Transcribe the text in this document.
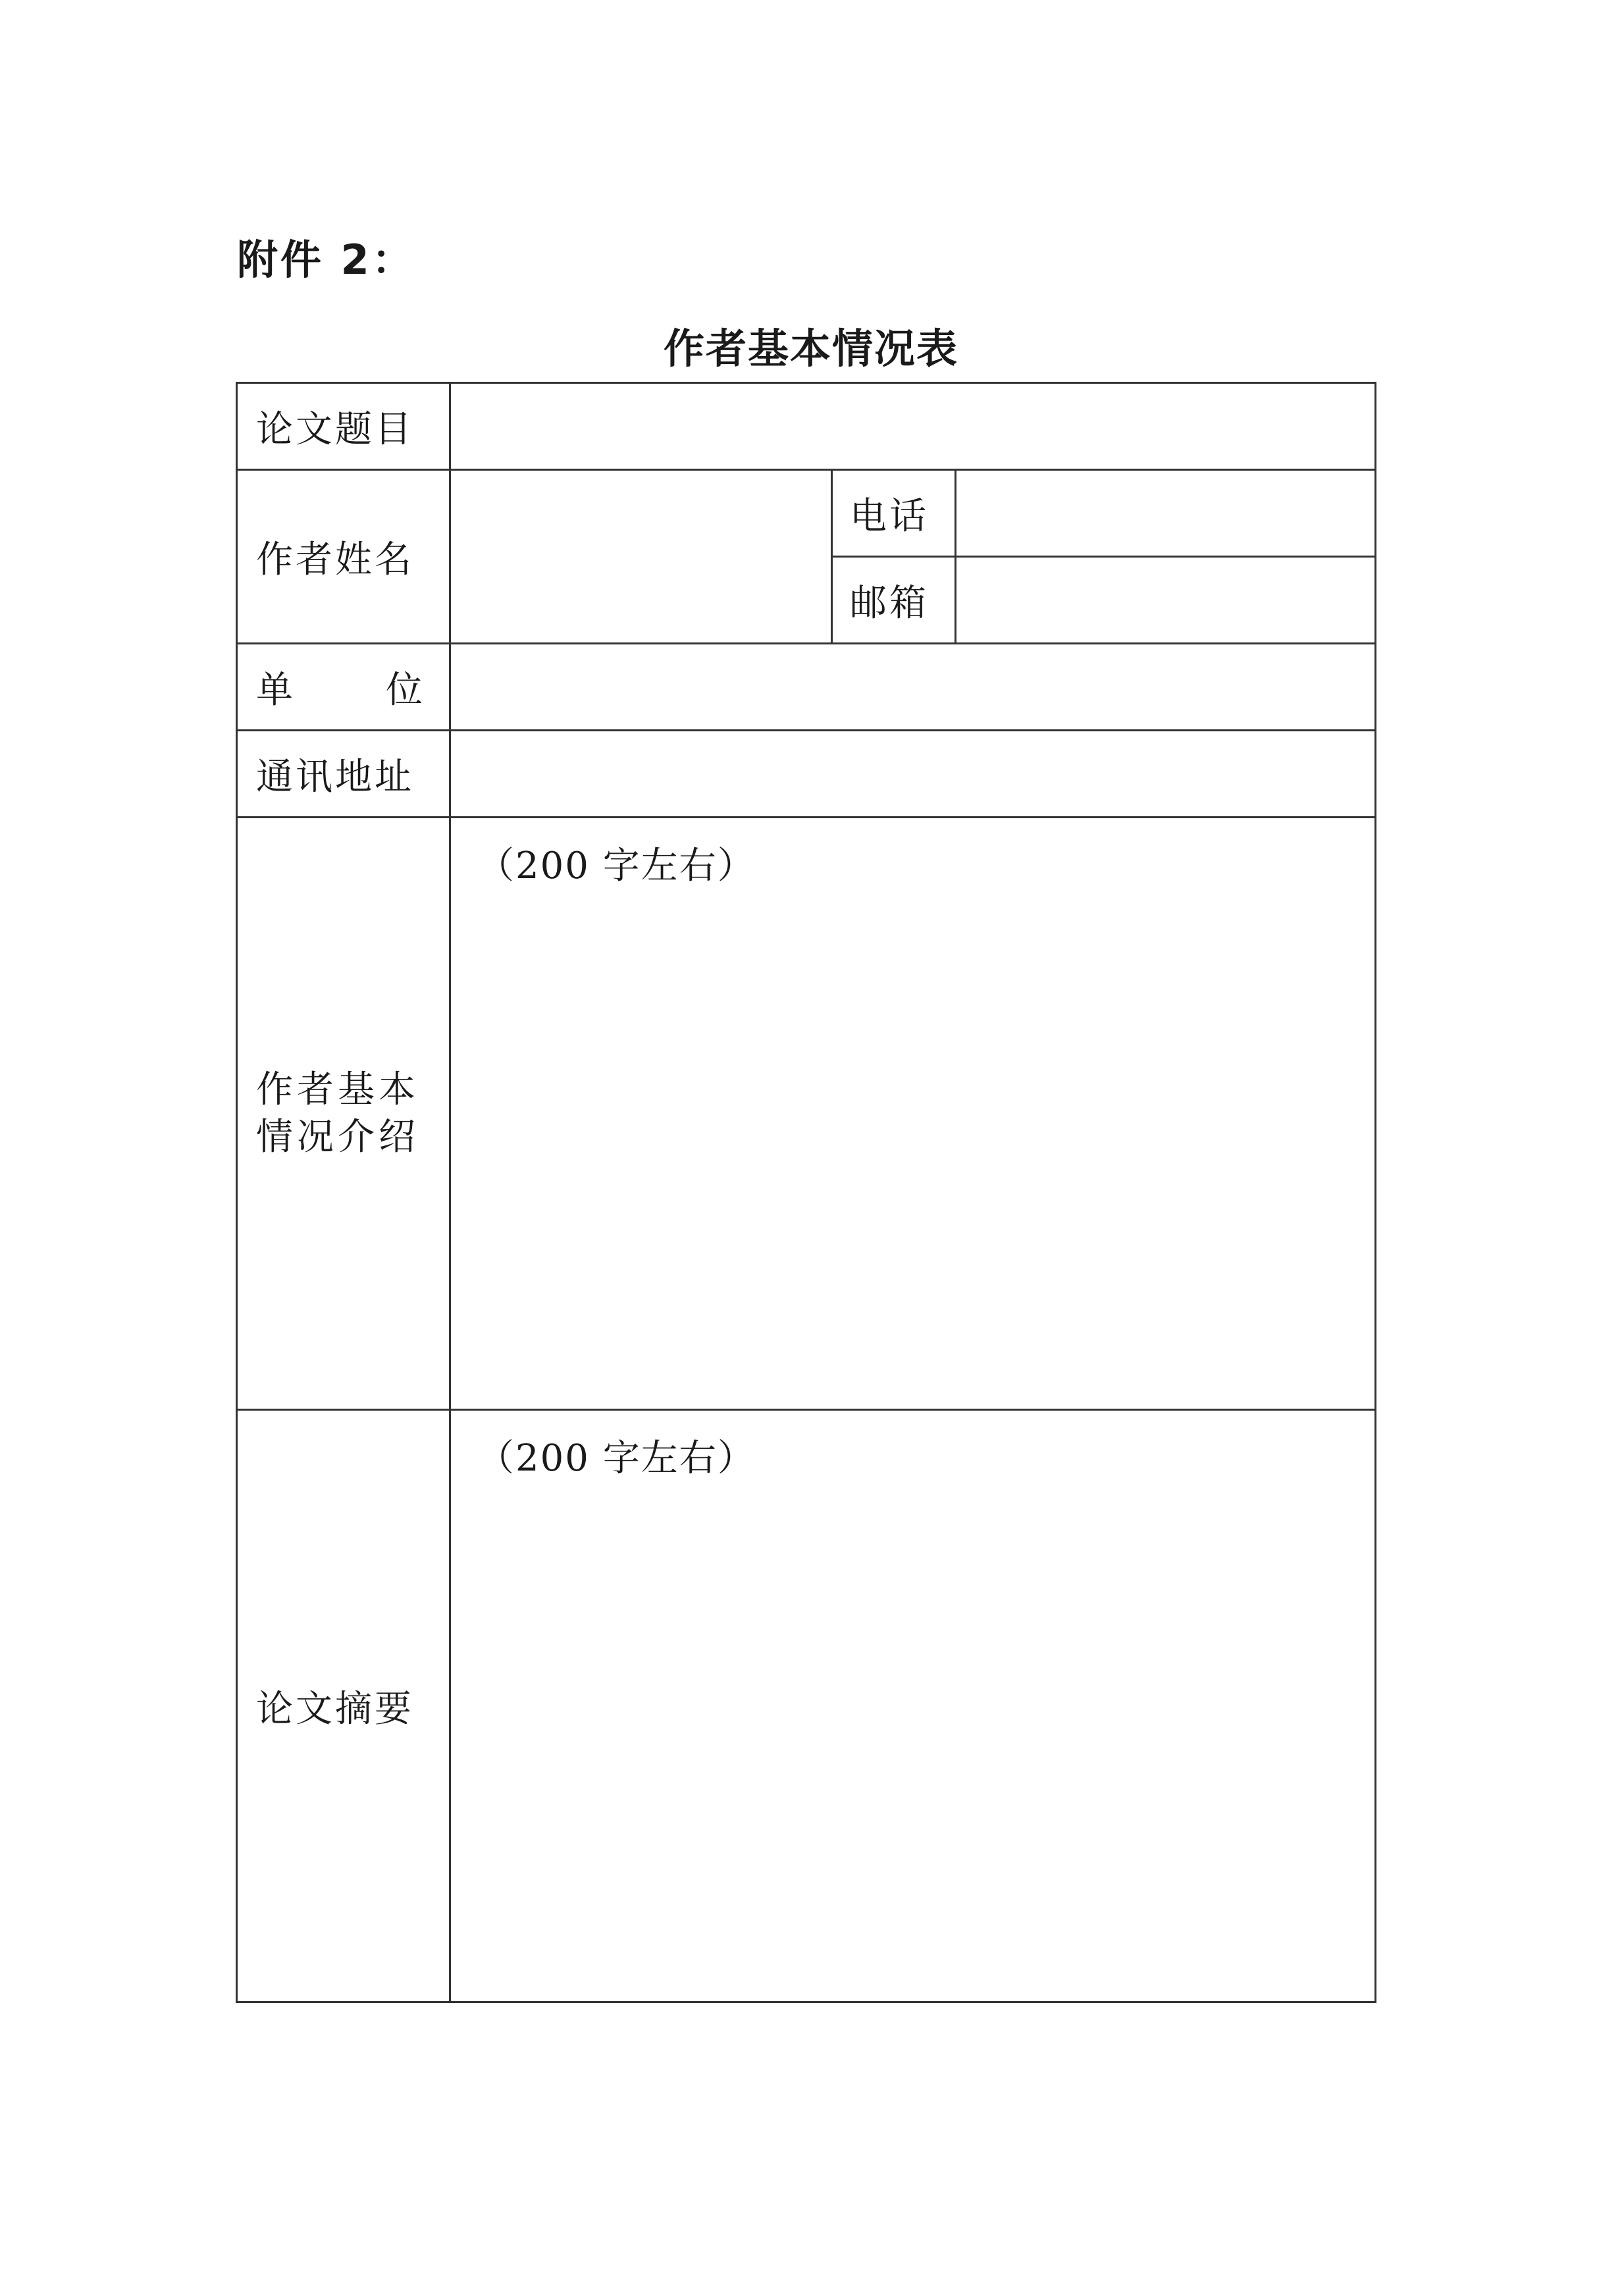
附件 2：
作者基本情况表
论文题目			
作者姓名		电话	
		邮箱	

单 位			

通讯地址			

作者基本
情况介绍	（200 字左右）		
论文摘要	（200 字左右）		
